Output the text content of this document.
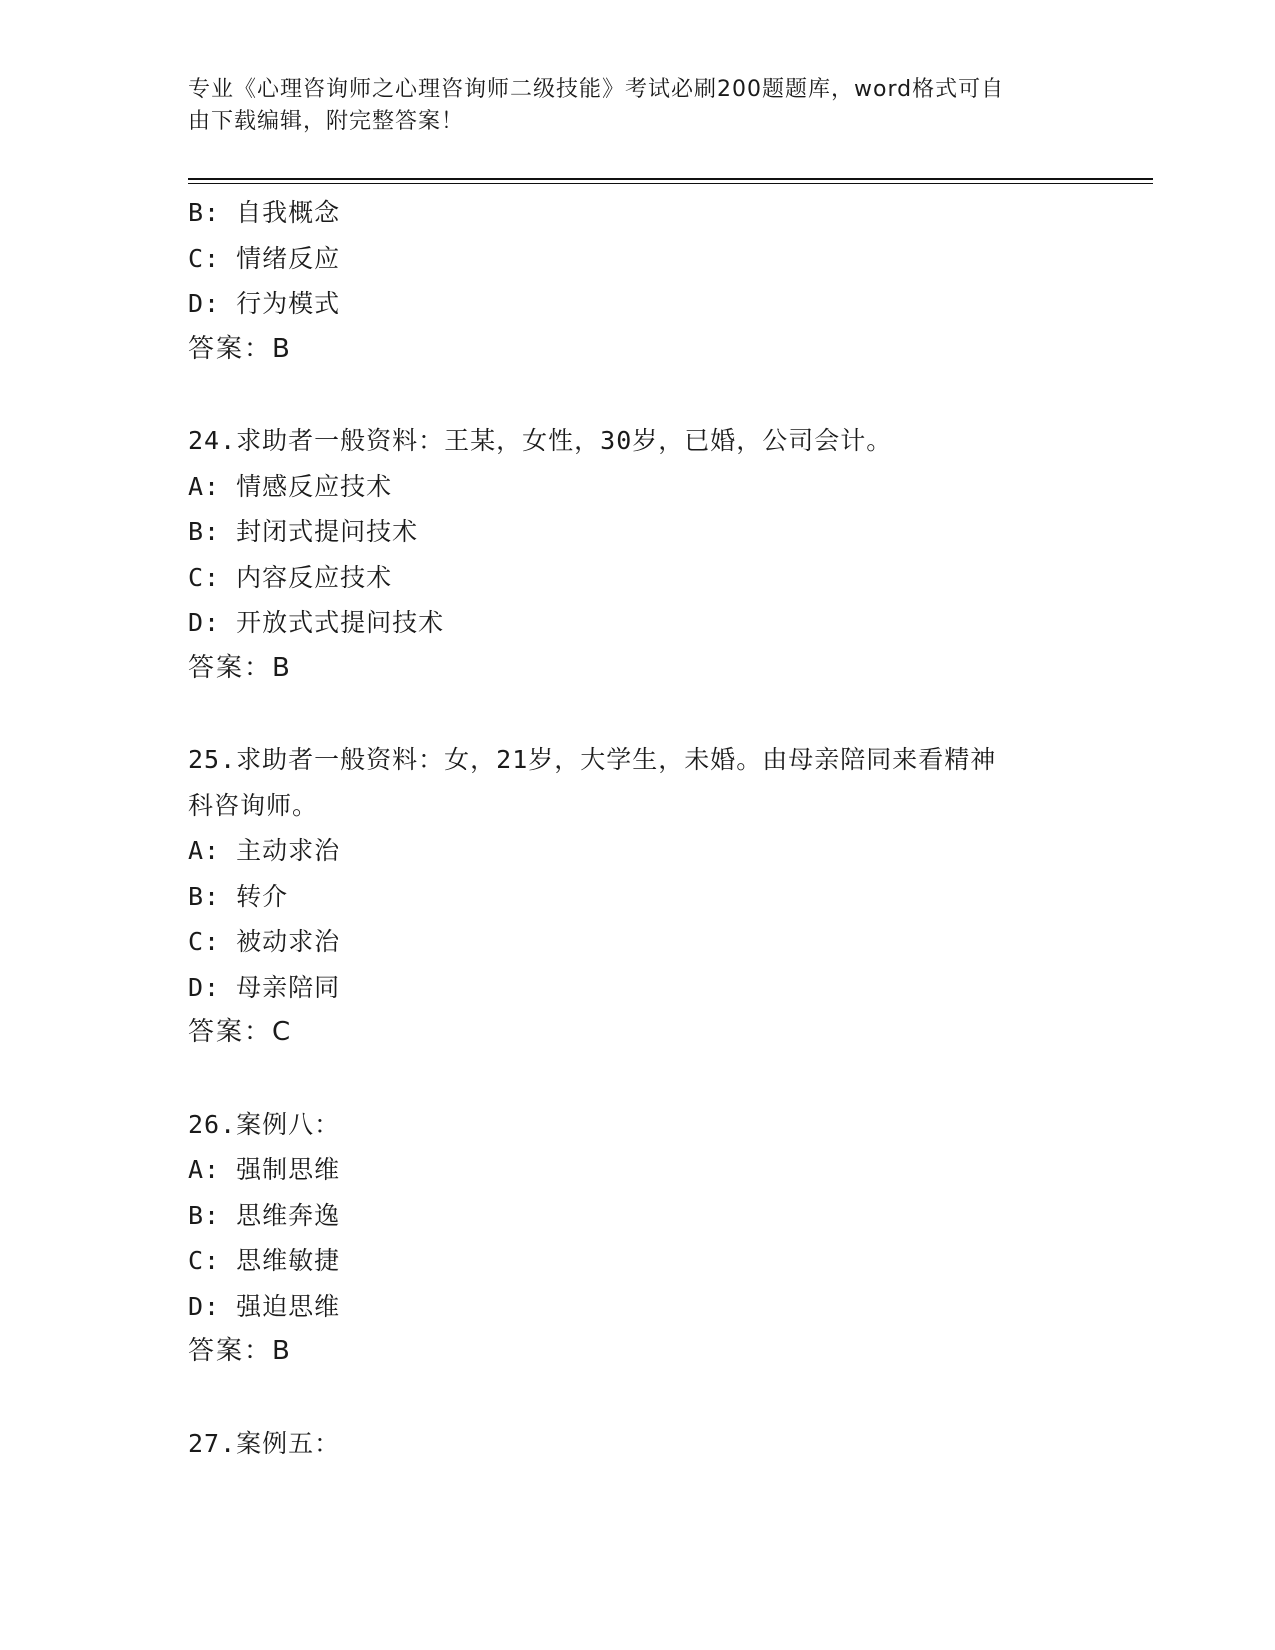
专业《心理咨询师之心理咨询师二级技能》考试必刷200题题库，word格式可自
由下载编辑，附完整答案！
B: 自我概念
C: 情绪反应
D: 行为模式
答案：B
24.求助者一般资料：王某，女性，30岁，已婚，公司会计。
A: 情感反应技术
B: 封闭式提问技术
C: 内容反应技术
D: 开放式式提问技术
答案：B
25.求助者一般资料：女，21岁，大学生，未婚。由母亲陪同来看精神
科咨询师。
A: 主动求治
B: 转介
C: 被动求治
D: 母亲陪同
答案：C
26.案例八：
A: 强制思维
B: 思维奔逸
C: 思维敏捷
D: 强迫思维
答案：B
27.案例五：
